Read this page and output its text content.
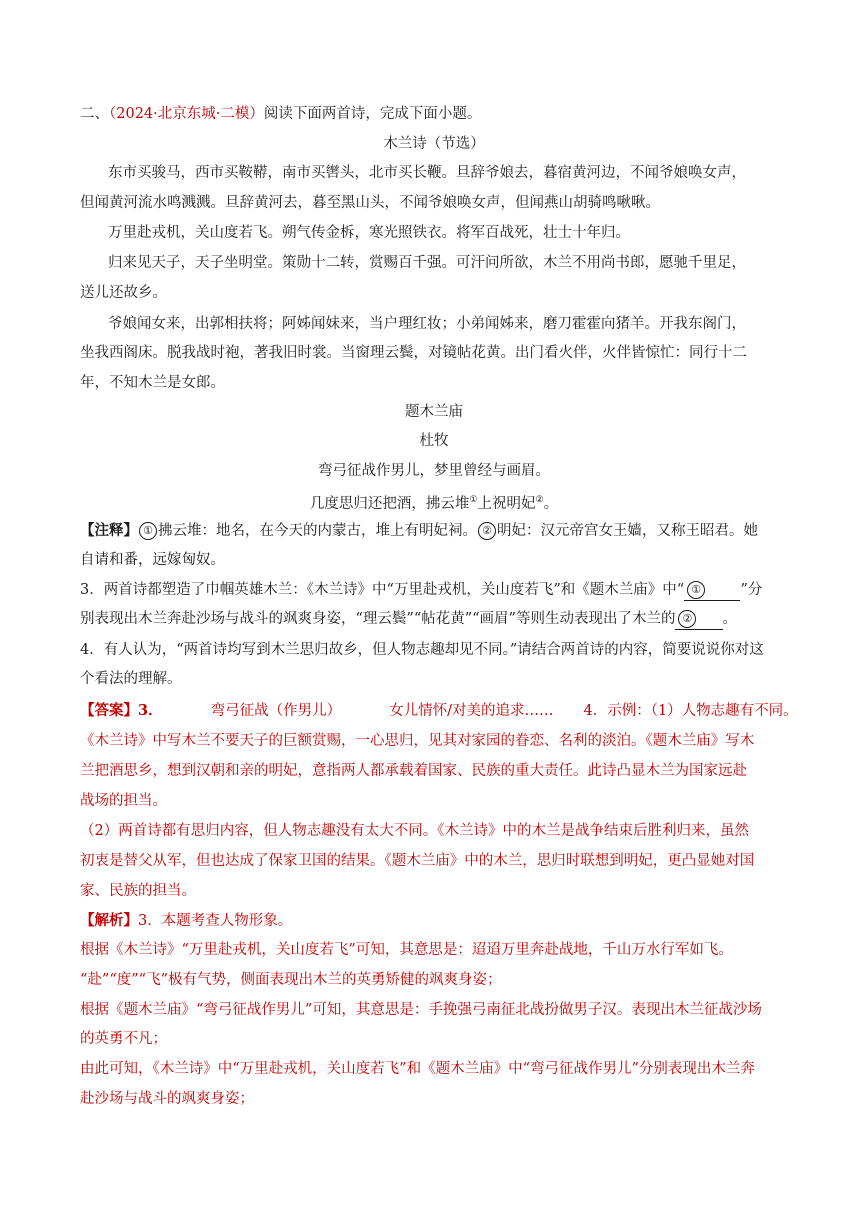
二、（2024·北京东城·二模）阅读下面两首诗，完成下面小题。
木兰诗（节选）
东市买骏马，西市买鞍鞯，南市买辔头，北市买长鞭。旦辞爷娘去，暮宿黄河边，不闻爷娘唤女声，
但闻黄河流水鸣溅溅。旦辞黄河去，暮至黑山头，不闻爷娘唤女声，但闻燕山胡骑鸣啾啾。
万里赴戎机，关山度若飞。朔气传金柝，寒光照铁衣。将军百战死，壮士十年归。
归来见天子，天子坐明堂。策勋十二转，赏赐百千强。可汗问所欲，木兰不用尚书郎，愿驰千里足，
送儿还故乡。
爷娘闻女来，出郭相扶将；阿姊闻妹来，当户理红妆；小弟闻姊来，磨刀霍霍向猪羊。开我东阁门，
坐我西阁床。脱我战时袍，著我旧时裳。当窗理云鬓，对镜帖花黄。出门看火伴，火伴皆惊忙：同行十二
年，不知木兰是女郎。
题木兰庙
杜牧
弯弓征战作男儿，梦里曾经与画眉。
几度思归还把酒，拂云堆①上祝明妃②。
【注释】 ① 拂云堆：地名，在今天的内蒙古，堆上有明妃祠。 ② 明妃：汉元帝宫女王嫱，又称王昭君。她
自请和番，远嫁匈奴。
3．两首诗都塑造了巾帼英雄木兰：《木兰诗》中“万里赴戎机，关山度若飞”和《题木兰庙》中“ ①	”分
别表现出木兰奔赴沙场与战斗的飒爽身姿，“理云鬓”“帖花黄”“画眉”等则生动表现出了木兰的 ② 。
4．有人认为，“两首诗均写到木兰思归故乡，但人物志趣却见不同。”请结合两首诗的内容，简要说说你对这
个看法的理解。
【答案】3．	弯弓征战（作男儿）	女儿情怀/对美的追求…… 4．示例：（1）人物志趣有不同。
《木兰诗》中写木兰不要天子的巨额赏赐，一心思归，见其对家园的眷恋、名利的淡泊。《题木兰庙》写木
兰把酒思乡，想到汉朝和亲的明妃，意指两人都承载着国家、民族的重大责任。此诗凸显木兰为国家远赴
战场的担当。
（2）两首诗都有思归内容，但人物志趣没有太大不同。《木兰诗》中的木兰是战争结束后胜利归来，虽然
初衷是替父从军，但也达成了保家卫国的结果。《题木兰庙》中的木兰，思归时联想到明妃，更凸显她对国
家、民族的担当。
【解析】3．本题考查人物形象。
根据《木兰诗》“万里赴戎机，关山度若飞”可知，其意思是：迢迢万里奔赴战地，千山万水行军如飞。
“赴”“度”“飞”极有气势，侧面表现出木兰的英勇矫健的飒爽身姿；
根据《题木兰庙》“弯弓征战作男儿”可知，其意思是：手挽强弓南征北战扮做男子汉。表现出木兰征战沙场
的英勇不凡；
由此可知，《木兰诗》中“万里赴戎机，关山度若飞”和《题木兰庙》中“弯弓征战作男儿”分别表现出木兰奔
赴沙场与战斗的飒爽身姿；
